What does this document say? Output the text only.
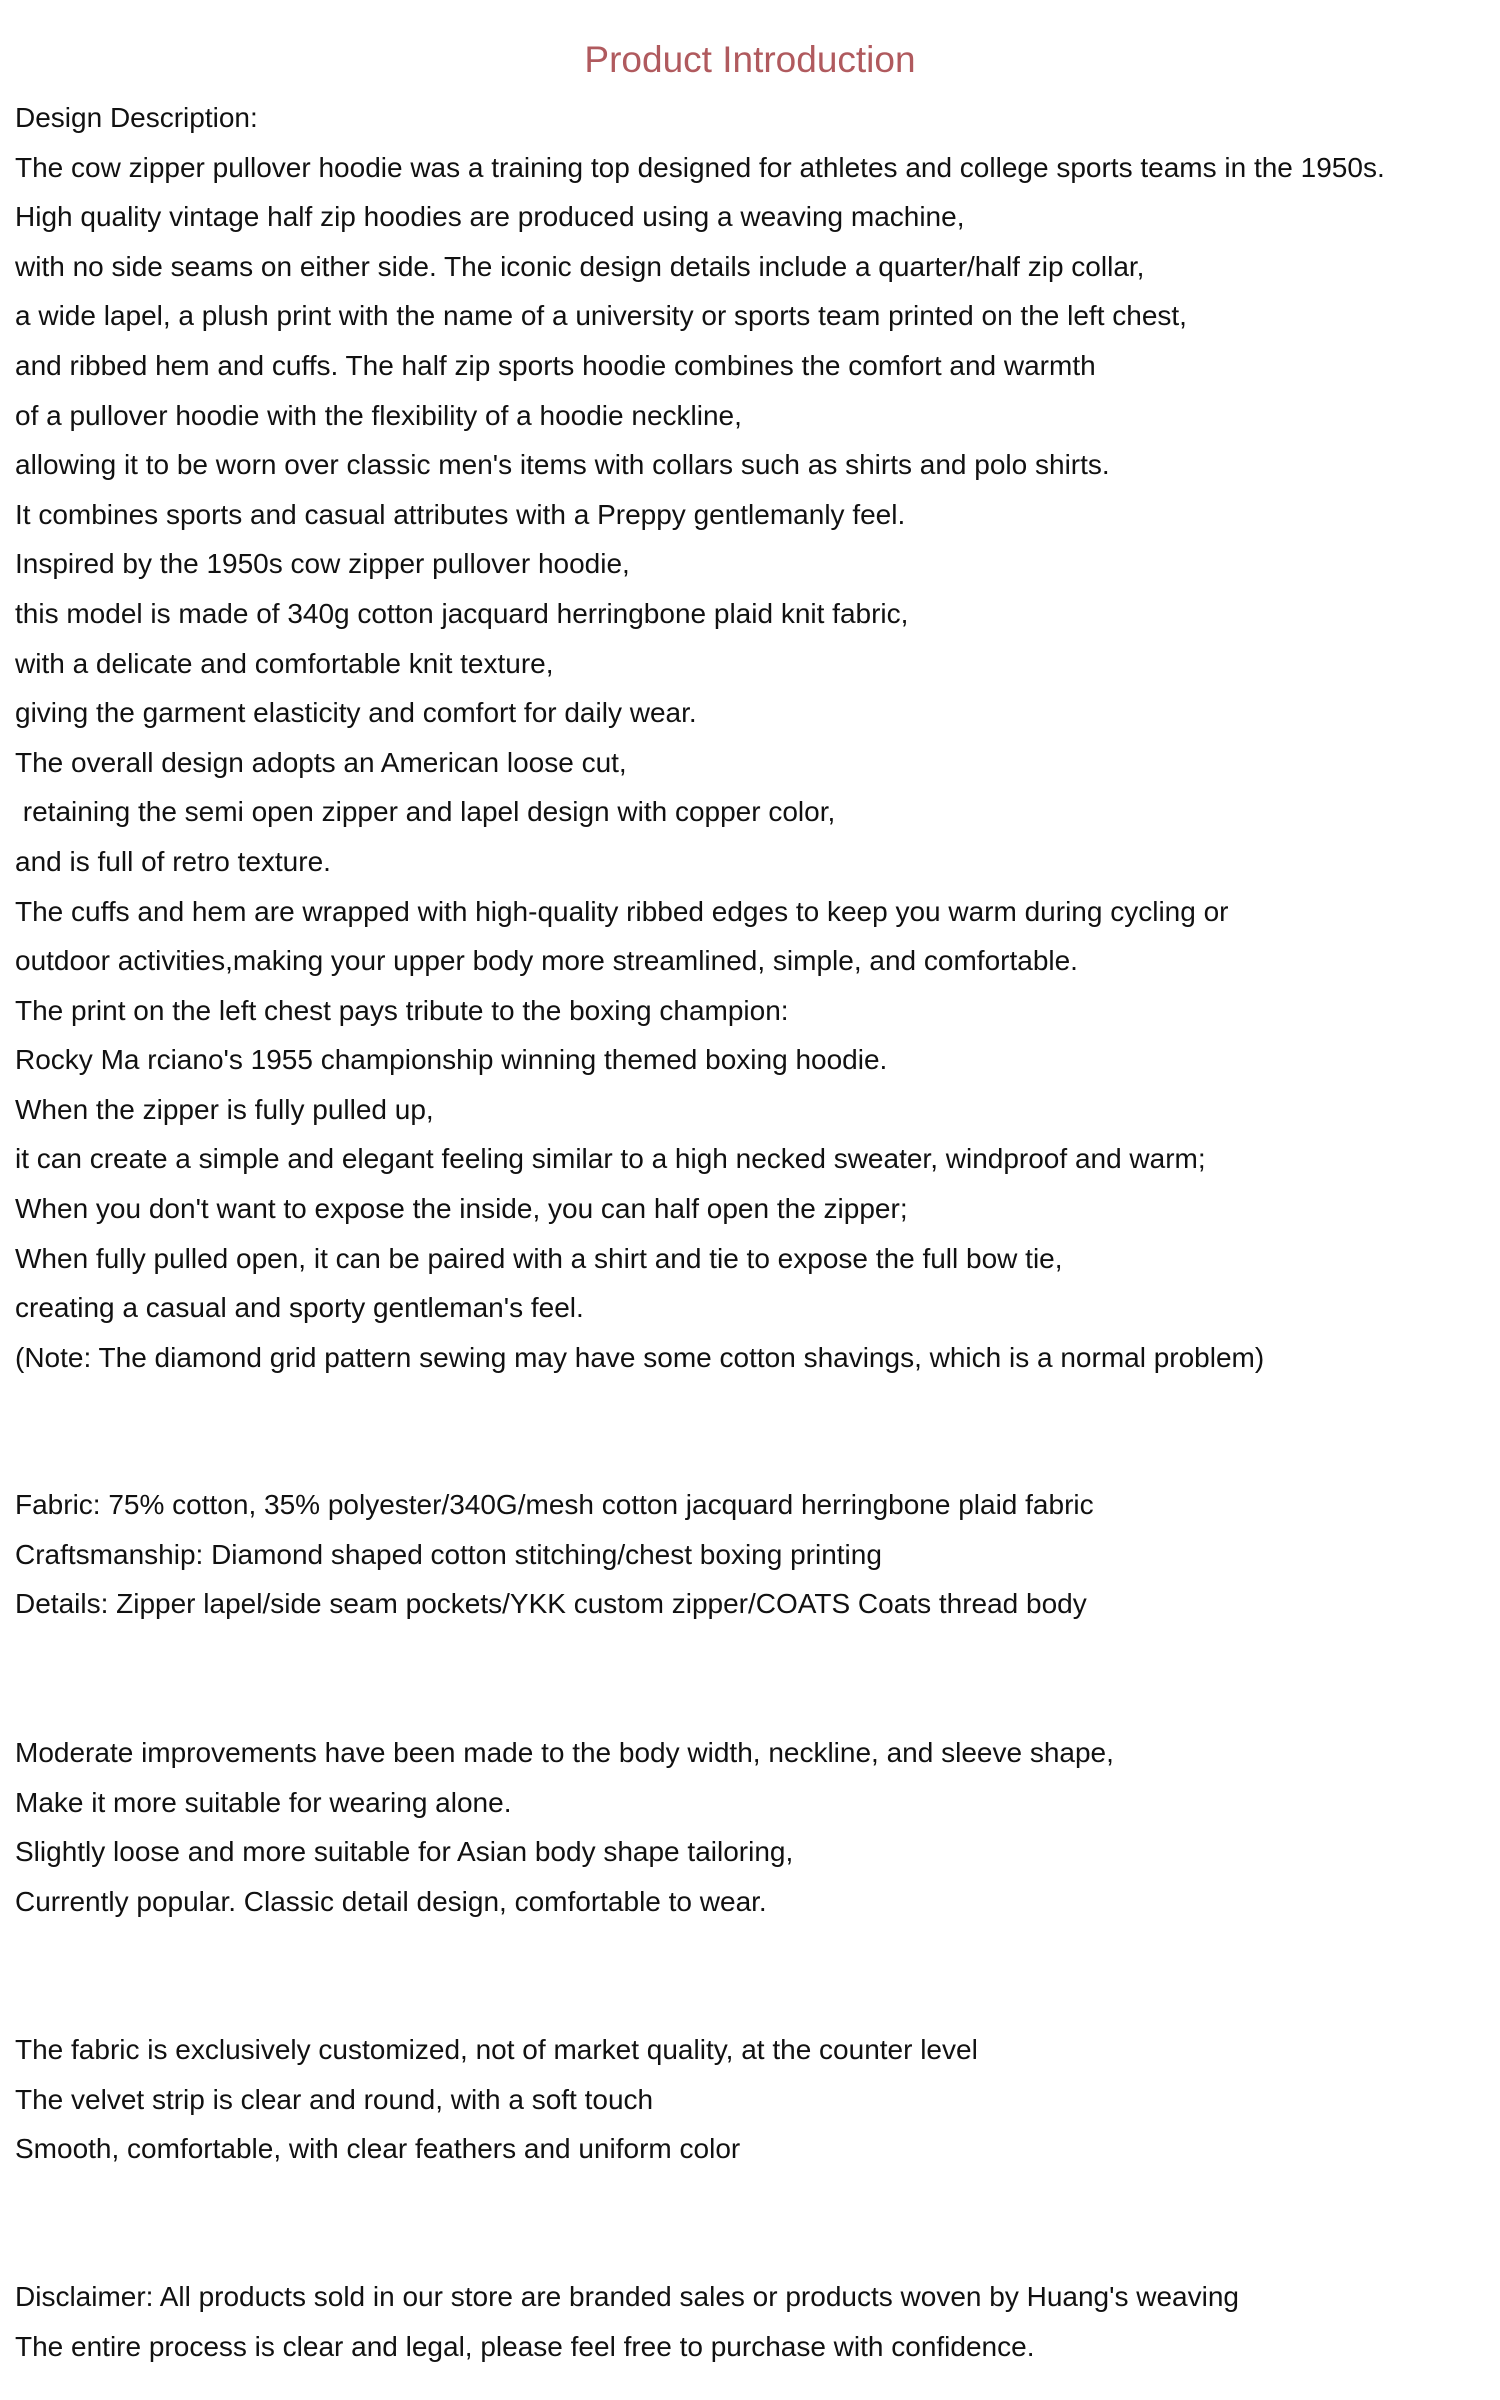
Product Introduction
Design Description:
The cow zipper pullover hoodie was a training top designed for athletes and college sports teams in the 1950s.
High quality vintage half zip hoodies are produced using a weaving machine,
with no side seams on either side. The iconic design details include a quarter/half zip collar,
a wide lapel, a plush print with the name of a university or sports team printed on the left chest,
and ribbed hem and cuffs. The half zip sports hoodie combines the comfort and warmth
of a pullover hoodie with the flexibility of a hoodie neckline,
allowing it to be worn over classic men's items with collars such as shirts and polo shirts.
It combines sports and casual attributes with a Preppy gentlemanly feel.
Inspired by the 1950s cow zipper pullover hoodie,
this model is made of 340g cotton jacquard herringbone plaid knit fabric,
with a delicate and comfortable knit texture,
giving the garment elasticity and comfort for daily wear.
The overall design adopts an American loose cut,
retaining the semi open zipper and lapel design with copper color,
and is full of retro texture.
The cuffs and hem are wrapped with high-quality ribbed edges to keep you warm during cycling or
outdoor activities,making your upper body more streamlined, simple, and comfortable.
The print on the left chest pays tribute to the boxing champion:
Rocky Ma rciano's 1955 championship winning themed boxing hoodie.
When the zipper is fully pulled up,
it can create a simple and elegant feeling similar to a high necked sweater, windproof and warm;
When you don't want to expose the inside, you can half open the zipper;
When fully pulled open, it can be paired with a shirt and tie to expose the full bow tie,
creating a casual and sporty gentleman's feel.
(Note: The diamond grid pattern sewing may have some cotton shavings, which is a normal problem)
Fabric: 75% cotton, 35% polyester/340G/mesh cotton jacquard herringbone plaid fabric
Craftsmanship: Diamond shaped cotton stitching/chest boxing printing
Details: Zipper lapel/side seam pockets/YKK custom zipper/COATS Coats thread body
Moderate improvements have been made to the body width, neckline, and sleeve shape,
Make it more suitable for wearing alone.
Slightly loose and more suitable for Asian body shape tailoring,
Currently popular. Classic detail design, comfortable to wear.
The fabric is exclusively customized, not of market quality, at the counter level
The velvet strip is clear and round, with a soft touch
Smooth, comfortable, with clear feathers and uniform color
Disclaimer: All products sold in our store are branded sales or products woven by Huang's weaving
The entire process is clear and legal, please feel free to purchase with confidence.
